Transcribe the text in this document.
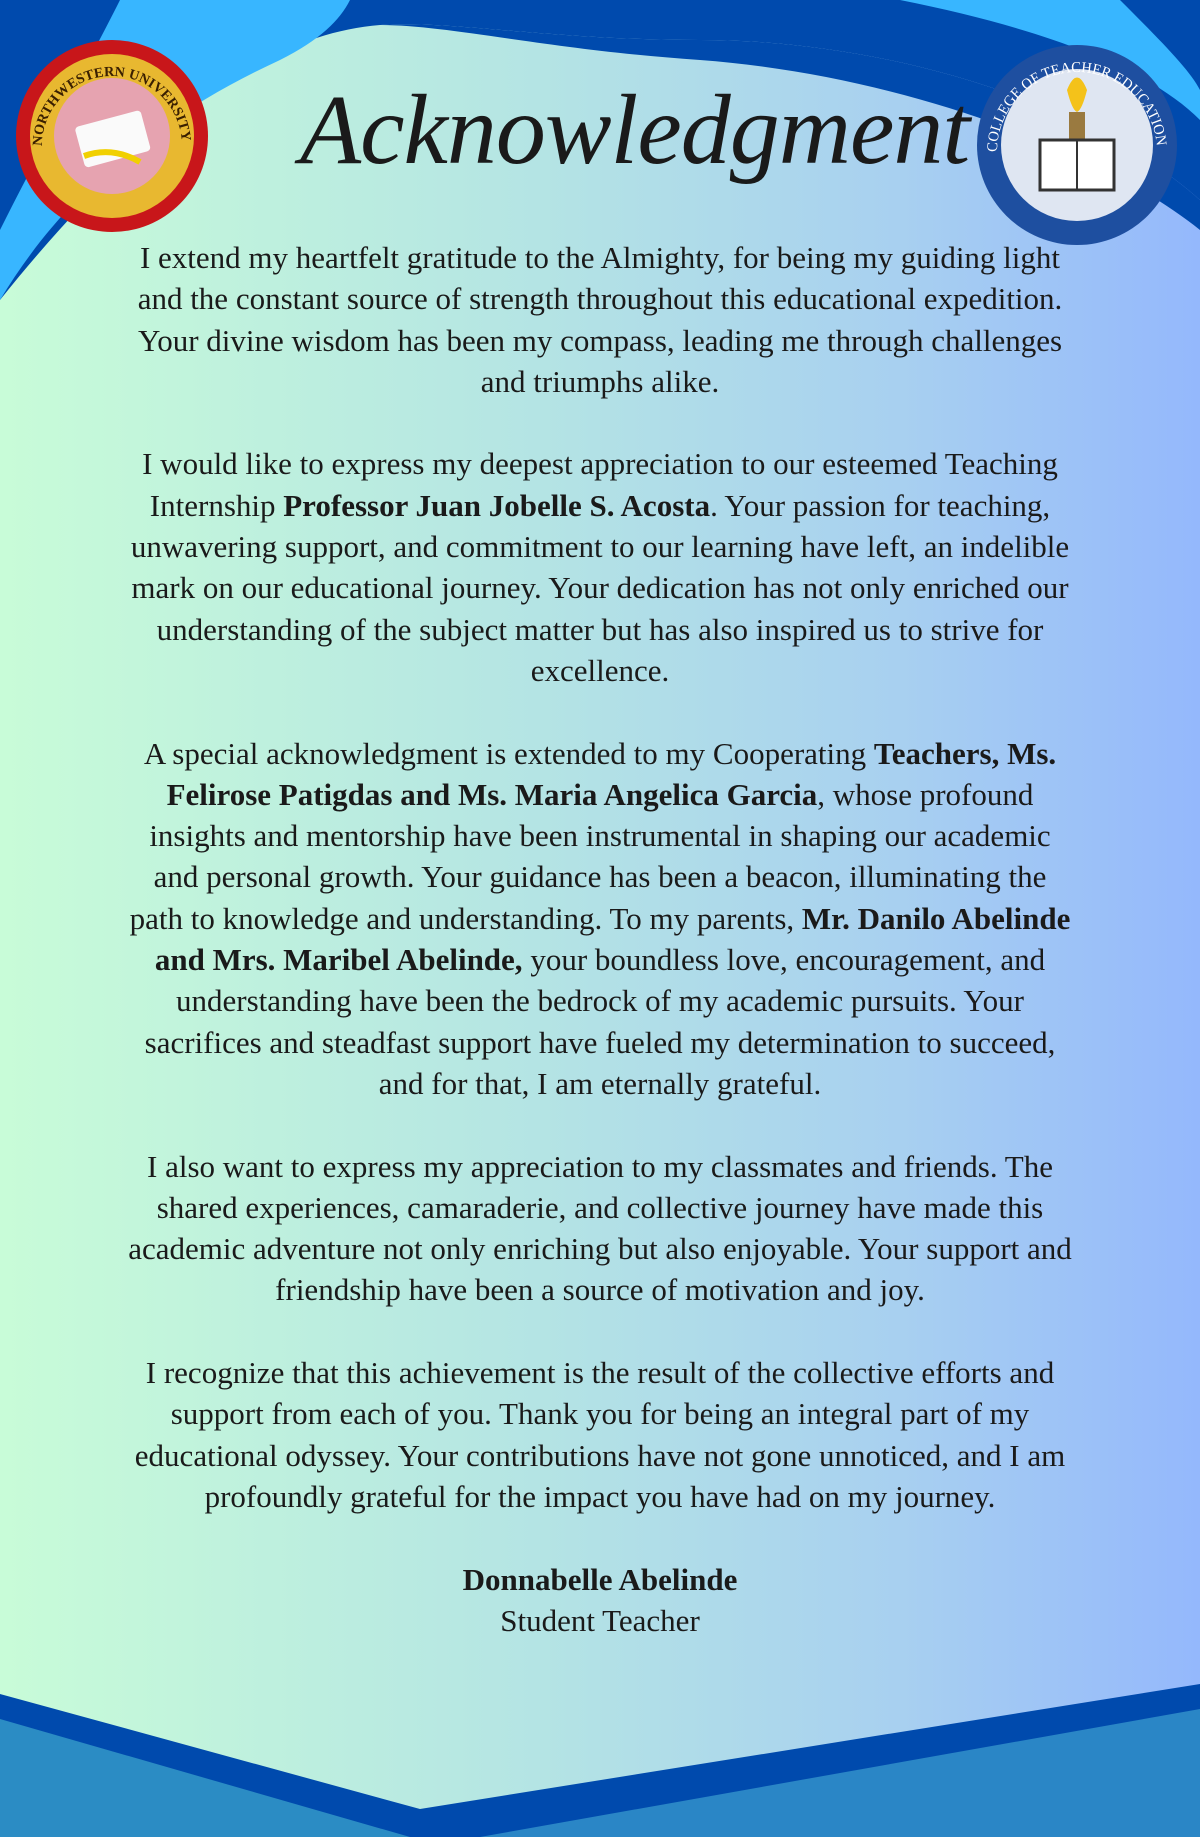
NORTHWESTERN UNIVERSITY
COLLEGE OF TEACHER EDUCATION
Acknowledgment

I extend my heartfelt gratitude to the Almighty, for being my guiding light and the constant source of strength throughout this educational expedition. Your divine wisdom has been my compass, leading me through challenges and triumphs alike.

I would like to express my deepest appreciation to our esteemed Teaching Internship Professor Juan Jobelle S. Acosta. Your passion for teaching, unwavering support, and commitment to our learning have left, an indelible mark on our educational journey. Your dedication has not only enriched our understanding of the subject matter but has also inspired us to strive for excellence.

A special acknowledgment is extended to my Cooperating Teachers, Ms. Felirose Patigdas and Ms. Maria Angelica Garcia, whose profound insights and mentorship have been instrumental in shaping our academic and personal growth. Your guidance has been a beacon, illuminating the path to knowledge and understanding. To my parents, Mr. Danilo Abelinde and Mrs. Maribel Abelinde, your boundless love, encouragement, and understanding have been the bedrock of my academic pursuits. Your sacrifices and steadfast support have fueled my determination to succeed, and for that, I am eternally grateful.

I also want to express my appreciation to my classmates and friends. The shared experiences, camaraderie, and collective journey have made this academic adventure not only enriching but also enjoyable. Your support and friendship have been a source of motivation and joy.

I recognize that this achievement is the result of the collective efforts and support from each of you. Thank you for being an integral part of my educational odyssey. Your contributions have not gone unnoticed, and I am profoundly grateful for the impact you have had on my journey.

Donnabelle Abelinde
Student Teacher
